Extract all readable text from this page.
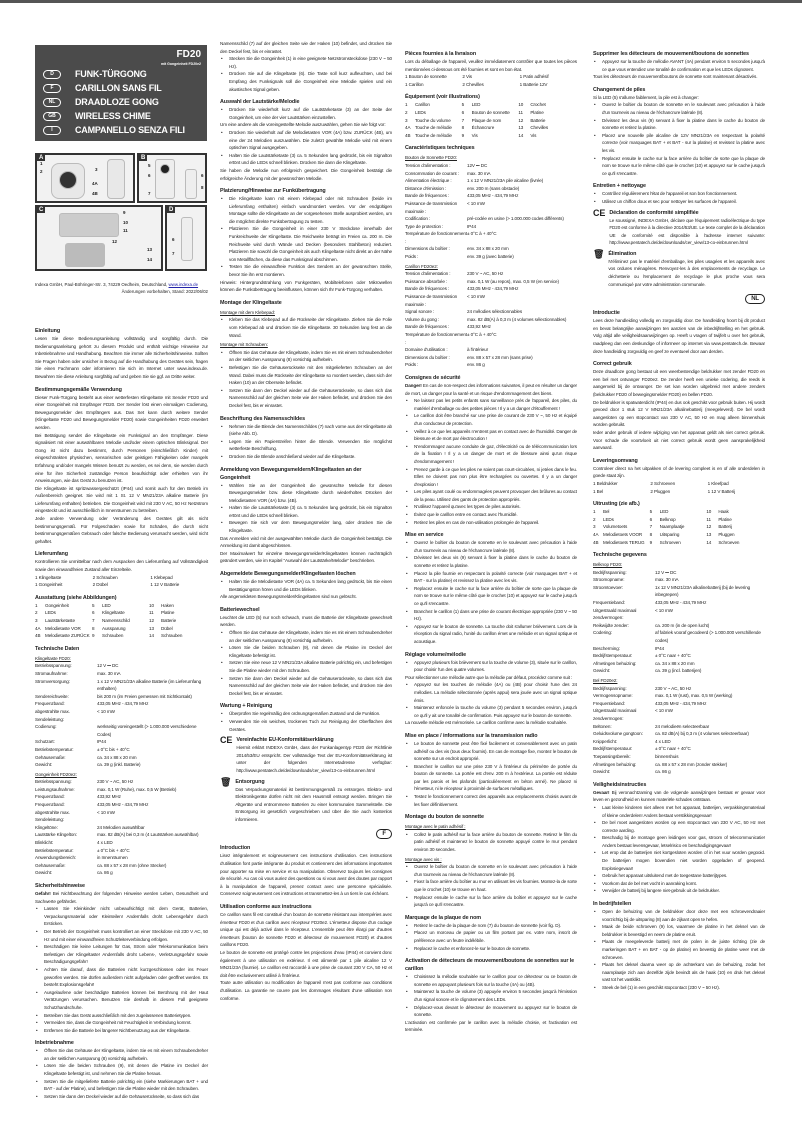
FD20
mit Gongeinheit FD20e2
D	FUNK-TÜRGONG
F	CARILLON SANS FIL
NL	DRAADLOZE GONG
GB	WIRELESS CHIME
I	CAMPANELLO SENZA FILI
A
1
2	3
4A
4B
B
5
6	6
7
8
C	9
10
11
12
13
14
D
6
7
Indexa GmbH, Paul-Böhringer-Str. 3, 74229 Oedheim, Deutschland, www.indexa.de
Änderungen vorbehalten, Stand: 2022/06/02
Einleitung
Lesen Sie diese Bedienungsanleitung vollständig und sorgfältig durch. Die Bedienungsanleitung gehört zu diesem Produkt und enthält wichtige Hinweise zur Inbetriebnahme und Handhabung. Beachten Sie immer alle Sicherheitshinweise. Sollten Sie Fragen haben oder unsicher in Bezug auf die Handhabung des Gerätes sein, fragen Sie einen Fachmann oder informieren Sie sich im Internet unter www.indexa.de. Bewahren Sie diese Anleitung sorgfältig auf und geben Sie sie ggf. an Dritte weiter.
Bestimmungsgemäße Verwendung
Dieser Funk-Türgong besteht aus einer wetterfesten Klingeltaste mit Sender FD20 und einer Gongeinheit mit Empfänger FD20. Der Sender löst einen einmaligen Codierung, Bewegungsmelder des Empfängers aus. Das Set kann durch weitere Sender (Klingeltaste FD20 und Bewegungsmelder FD20) sowie Gongeinheiten FD20 erweitert werden.
Bei Betätigung sendet die Klingeltaste ein Funksignal an den Empfänger. Diese signalisiert mit einer auswählbaren Melodie und/oder einem optischen Blinksignal. Der Gong ist nicht dazu bestimmt, durch Personen (einschließlich Kinder) mit eingeschränkten physischen, sensorischen oder geistigen Fähigkeiten oder mangels Erfahrung und/oder mangels Wissen benutzt zu werden, es sei denn, sie werden durch eine für ihre Sicherheit zuständige Person beaufsichtigt oder erhielten von ihr Anweisungen, wie das Gerät zu benutzen ist.
Die Klingeltaste ist spritzwassergeschützt (IP44) und somit auch für den Betrieb im Außenbereich geeignet. Sie wird mit 1 St. 12 V MN21/23A alkaline Batterie (im Lieferumfang enthalten) betrieben. Die Gongeinheit wird mit 230 V AC, 50 Hz Netzstrom eingesteckt und ist ausschließlich in Innenräumen zu betreiben.
Jede andere Verwendung oder Veränderung des Gerätes gilt als nicht bestimmungsgemäß. Für Folgeschäden sowie für Schäden, die durch nicht bestimmungsgemäßen Gebrauch oder falsche Bedienung verursacht werden, wird nicht gehaftet.
Lieferumfang
Kontrollieren Sie unmittelbar nach dem Auspacken den Lieferumfang auf Vollständigkeit sowie den einwandfreien Zustand aller Einzelteile.
1 Klingeltaste	2 Schrauben	1 Klebepad
1 Gongeinheit	2 Dübel	1 12 V Batterie
Ausstattung (siehe Abbildungen)
1	Gongeinheit	5	LED	10	Haken
2	LEDs	6	Klingeltaste	11	Platine
3	Lautstärketaste	7	Namensschild	12	Batterie
4A Melodietaste VOR	8	Aussparung	13	Dübel
4B Melodietaste ZURÜCK 9	Schrauben	14	Schrauben
Technische Daten
Klingeltaste FD20:
Betriebsspannung:	12 V ⎓ DC
Stromaufnahme:	max. 30 mA
Stromversorgung:	1 x 12 V MN21/23A alkaline Batterie (im Lieferumfang enthalten)
Sendereichweite:	bis 200 m (im Freien gemessen mit Sichtkontakt)
Frequenzband:	433,05 MHz - 434,79 MHz
abgestrahlte max. Sendeleistung:
< 10 mW
Codierung:	werkseitig voreingestellt (> 1.000.000 verschiedene Codes)
Schutzart:	IP44
Betriebstemperatur:	± 0°C bis + 40°C
Gehäusemaße:	ca. 34 x 88 x 20 mm
Gewicht:	ca. 39 g (inkl. Batterie)
Gongeinheit FD20e2:
Betriebsspannung:	230 V ~ AC, 50 Hz
Leistungsaufnahme:	max. 0,1 W (Ruhe), max. 0,5 W (Betrieb)
Frequenzband:	433,92 MHz
Frequenzband:	433,05 MHz - 434,79 MHz
abgestrahlte max. Sendeleistung:
< 10 mW
Klingeltöne:	24 Melodien auswählbar
Lautstärke Klingelton:	max. 82 dB(A) bei 0,3 m (4 Lautstärken auswählbar)
Blinklicht:	4 x LED
Betriebstemperatur:	± 0°C bis + 40°C
Anwendungsbereich:	in Innenräumen
Gehäusemaße:	ca. 88 x 57 x 28 mm (ohne Stecker)
Gewicht:	ca. 86 g
Sicherheitshinweise
Gefahr! Bei Nichtbeachtung der folgenden Hinweise werden Leben, Gesundheit und Sachwerte gefährdet.
• Lassen Sie Kleinkinder nicht unbeaufsichtigt mit dem Gerät, Batterien, Verpackungsmaterial oder Kleinteilen! Andernfalls droht Lebensgefahr durch Ersticken.
• Der Betrieb der Gongeinheit muss kontrolliert an einer Steckdose mit 230 V AC, 50 Hz und mit einer einwandfreien Schutzleiterverbindung erfolgen.
• Beschädigen Sie keine Leitungen für Gas, Strom oder Telekommunikation beim Befestigen der Klingeltaste! Andernfalls droht Lebens-, Verletzungsgefahr sowie Beschädigungsgefahr!
• Achten Sie darauf, dass die Batterien nicht kurzgeschlossen oder ins Feuer geworfen werden. Sie dürfen außerdem nicht aufgeladen oder geöffnet werden. Es besteht Explosionsgefahr!
• Ausgelaufene oder beschädigte Batterien können bei Berührung mit der Haut Verätzungen verursachen. Benutzen Sie deshalb in diesem Fall geeignete Schutzhandschuhe.
• Betreiben Sie das Gerät ausschließlich mit den zugelassenen Batterietypen.
• Vermeiden Sie, dass die Gongeinheit mit Feuchtigkeit in Verbindung kommt.
• Entfernen Sie die Batterie bei längerer Nichtbenutzung aus der Klingeltaste.
Inbetriebnahme
• Öffnen Sie das Gehäuse der Klingeltaste, indem Sie es mit einem Schraubendreher an der seitlichen Aussparung (8) vorsichtig aufhebeln.
• Lösen Sie die beiden Schrauben (9), mit denen die Platine im Deckel der Klingeltaste befestigt ist, und nehmen Sie die Platine heraus.
• Setzen Sie die mitgelieferte Batterie polrichtig ein (siehe Markierungen BAT + und BAT - auf der Platine), und befestigen Sie die Platine wieder mit den Schrauben.
• Setzen Sie dann den Deckel wieder auf die Gehäuserückseite, so dass sich das
Namensschild (7) auf der gleichen Seite wie der Haken (10) befindet, und drücken Sie den Deckel fest, bis er einrastet.
• Stecken Sie die Gongeinheit (1) in eine geeignete Netzstromsteckdose (230 V ~ 50 Hz).
• Drücken Sie auf die Klingeltaste (6). Die Taste soll kurz aufleuchten, und bei Empfang des Funksignals soll die Gongeinheit eine Melodie spielen und ein akustisches Signal geben.
Auswahl der Lautstärke/Melodie
• Drücken Sie wiederholt kurz auf die Lautstärketaste (3) an der Seite der Gongeinheit, um eine der vier Lautstärken einzustellen.
Um eine andere als die voreingestellte Melodie auszuwählen, gehen Sie wie folgt vor:
• Drücken Sie wiederholt auf die Melodietasten VOR (4A) bzw. ZURÜCK (4B), um eine der 24 Melodien auszuwählen. Die zuletzt gewählte Melodie wird mit einem optischen Signal ausgegeben.
• Halten Sie die Lautstärketaste (3) ca. 5 Sekunden lang gedrückt, bis ein Signalton ertönt und die LEDs schnell blinken. Drücken Sie dann die Klingeltaste.
Sie haben die Melodie nun erfolgreich gespeichert. Die Gongeinheit bestätigt die erfolgreiche Änderung mit der gewünschten Melodie.
Platzierung/Hinweise zur Funkübertragung
• Die Klingeltaste kann mit einem Klebepad oder mit Schrauben (beide im Lieferumfang enthalten) einfach wandmontiert werden. Vor der endgültigen Montage sollte die Klingeltaste an der vorgesehenen Stelle ausprobiert werden, um die möglichst direkte Funkübertragung zu testen.
• Platzieren Sie die Gongeinheit in einer 230 V Steckdose innerhalb der Funkreichweite der Klingeltaste. Die Reichweite beträgt im Freien ca. 200 m. Die Reichweite wird durch Wände und Decken (besonders Stahlbeton) reduziert. Platzieren Sie sowohl die Gongeinheit als auch Klingeltaste nicht direkt an der Nähe von Metallflächen, da diese das Funksignal abschirmen.
• Testen Sie die einwandfreie Funktion des Senders an der gewünschten Stelle, bevor Sie ihn erst montieren.
Hinweis: Hintergrundstrahlung von Funkgeräten, Mobiltelefonen oder Mikrowellen können die Funkübertragung beeinflussen, können sich Ihr Funk-Türgong verhalten.
Montage der Klingeltaste
Montage mit dem Klebepad:
• Kleben Sie das Klebepad auf die Rückseite der Klingeltaste. Ziehen Sie die Folie vom Klebepad ab und drücken Sie die Klingeltaste. 30 Sekunden lang fest an die Wand.
Montage mit Schrauben:
• Öffnen Sie das Gehäuse der Klingeltaste, indem Sie es mit einem Schraubendreher an der seitlichen Aussparung (8) vorsichtig aufhebeln.
• Befestigen Sie die Gehäuserückseite mit den mitgelieferten Schrauben an der Wand. Dabei muss die Rückseite der Klingeltaste so montiert werden, dass sich der Haken (10) an der Oberseite befindet.
• Setzen Sie dann den Deckel wieder auf die Gehäuserückseite, so dass sich das Namensschild auf der gleichen Seite wie der Haken befindet, und drücken Sie den Deckel fest, bis er einrastet.
Beschriftung des Namensschildes
• Nehmen Sie die Blende des Namensschildes (7) nach vorne aus der Klingeltaste ab (siehe Abb. D).
• Legen Sie ein Papierstreifen hinter die Blende. Verwenden Sie möglichst wetterfeste Beschriftung.
• Drücken Sie die Blende anschließend wieder auf die Klingeltaste.
Anmeldung von Bewegungsmeldern/Klingeltasten an der Gongeinheit
• Wählen Sie an der Gongeinheit die gewünschte Melodie für diesen Bewegungsmelder bzw. diese Klingeltaste durch wiederholtes Drücken der Melodietasten VOR (4A) bzw. (4B).
• Halten Sie die Lautstärketaste (3) ca. 5 Sekunden lang gedrückt, bis ein Signalton ertönt und die LEDs schnell blinken.
• Bewegen Sie sich vor dem Bewegungsmelder lang, oder drücken Sie die Klingeltaste.
Das Anmelden wird mit der ausgewählten Melodie durch die Gongeinheit bestätigt. Die Anmeldung ist damit abgeschlossen.
Der Maximalwert für einzelne Bewegungsmelder/Klingeltasten können nachträglich geändert werden, wie im Kapitel "Auswahl der Lautstärke/Melodie" beschrieben.
Abgemeldete Bewegungsmelder/Klingeltasten löschen
• Halten Sie die Melodietaste VOR (4A) ca. 5 Sekunden lang gedrückt, bis Sie einen Bestätigungston hören und die LEDs blinken.
Alle angemeldeten Bewegungsmelder/Klingeltasten sind nun gelöscht.
Batteriewechsel
Leuchtet die LED (5) nur noch schwach, muss die Batterie der Klingeltaste gewechselt werden.
• Öffnen Sie das Gehäuse der Klingeltaste, indem Sie es mit einem Schraubendreher an der seitlichen Aussparung (8) vorsichtig aufhebeln.
• Lösen Sie die beiden Schrauben (9), mit denen die Platine im Deckel der Klingeltaste befestigt ist.
• Setzen Sie eine neue 12 V MN21/23A alkaline Batterie polrichtig ein, und befestigen Sie die Platine wieder mit den Schrauben.
• Setzen Sie dann den Deckel wieder auf die Gehäuserückseite, so dass sich das Namensschild auf der gleichen Seite wie der Haken befindet, und drücken Sie den Deckel fest, bis er einrastet.
Wartung + Reinigung
• Überprüfen Sie regelmäßig den ordnungsgemäßen Zustand und die Funktion.
• Verwenden Sie ein weiches, trockenes Tuch zur Reinigung der Oberflächen des Gerätes.
CE Vereinfachte EU-Konformitätserklärung
Hiermit erklärt INDEXA GmbH, dass der Funkanlagentyp FD20 der Richtlinie 2014/53/EU entspricht. Der vollständige Text der EU-Konformitätserklärung ist unter der folgenden Internetadresse verfügbar: http://www.pentatech.de/de/downloads/cer_view/13-co-einbrunnen.html
🗑 Entsorgung
Das Verpackungsmaterial ist bestimmungsgemäß zu entsorgen. Elektro- und Elektronikgeräte dürfen nicht mit dem Hausmüll entsorgt werden. Bringen Sie Altgeräte und entnommene Batterien zu einer kommunalen Sammelstelle. Die Entsorgung ist gesetzlich vorgeschrieben und über die Sie auch kostenlos informieren.
F
Introduction
Lisez intégralement et soigneusement ces instructions d'utilisation. Ces instructions d'utilisation font partie intégrante du produit et contiennent des informations importantes pour apporter sa mise en service et sa manipulation. Observez toujours les consignes de sécurité. Au cas où vous auriez des questions ou si vous avez des doutes par rapport à la manipulation de l'appareil, prenez contact avec une personne spécialisée. Conservez soigneusement ces instructions et transmettez-les à un tiers le cas échéant.
Utilisation conforme aux instructions
Ce carillon sans fil est constitué d'un bouton de sonnette résistant aux intempéries avec émetteur FD20 et d'un carillon avec récepteur FD20e2. L'émetteur dispose d'un codage unique qui est déjà activé dans le récepteur. L'ensemble peut être élargi par d'autres émetteurs (bouton de sonnette FD20 et détecteur de mouvement FD20) et d'autres carillons FD20.
Le bouton de sonnette est protégé contre les projections d'eau (IP44) et convient donc également à une utilisation en extérieur. Il est alimenté par 1 pile alcaline 12 V MN21/23A (fournie). Le carillon est raccordé à une prise de courant 230 V CA, 50 Hz et doit être exclusivement utilisé à l'intérieur.
Toute autre utilisation ou modification de l'appareil n'est pas conforme aux conditions d'utilisation. La garantie ne couvre pas les dommages résultant d'une utilisation non conforme.
Pièces fournies à la livraison
Lors du déballage de l'appareil, veuillez immédiatement contrôler que toutes les pièces mentionnées ci-dessous ont été fournies et sont en bon état.
1 Bouton de sonnette	2 Vis	1 Patin adhésif
1 Carillon	2 Chevilles	1 Batterie 12V
Équipement (voir illustrations)
1	Carillon	5	LED	10	Crochet
2	LEDs	6	Bouton de sonnette	11	Platine
3	Touche du volume	7	Plaque de nom	12	Batterie
4A Touche de mélodie	8	Échancrure	13	Chevilles
4B Touche de mélodie	9	Vis	14	Vis
Caractéristiques techniques
Bouton de Sonnette FD20:
Tension d'alimentation :	12V ⎓ DC
Consommation de courant :	max. 30 mA
Alimentation électrique :	1 x 12 V MN21/23A pile alcaline (livrée)
Distance d'émission :	env. 200 m (sans obstacle)
Bande de fréquences :	433,05 MHz - 434,79 MHz
Puissance de transmission maximale :
< 10 mW
Codification :	pré-codée en usine (> 1.000.000 codes différents)
Type de protection :	IP44
Température de fonctionnement :
± 0°C à + 40°C
Dimensions du boîtier :	env. 34 x 88 x 20 mm
Poids :	env. 39 g (avec batterie)
Carillon FD20e2:
Tension d'alimentation :	230 V ~ AC, 50 Hz
Puissance absorbée :	max. 0,1 W (au repos), max. 0,5 W (en service)
Bande de fréquences :	433,05 MHz - 434,79 MHz
Puissance de transmission maximale :
< 10 mW
Signal sonore :	24 mélodies sélectionnables
Volume du gong :	max. 82 dB(A) à 0,3 m (4 volumes sélectionnables)
Bande de fréquences :	433,92 MHz
Température de fonctionnement :
± 0°C à + 40°C
Domaine d'utilisation :	à l'intérieur
Dimensions du boîtier :	env. 88 x 57 x 28 mm (sans prise)
Poids :	env. 86 g
Consignes de sécurité
Danger! En cas de non-respect des informations suivantes, il peut en résulter un danger de mort, un danger pour la santé et un risque d'endommagement des biens.
• Ne laissez pas les petits enfants sans surveillance près de l'appareil, des piles, du matériel d'emballage ou des petites pièces ! Il y a un danger d'étouffement !
• Le carillon doit être branché sur une prise de courant de 230 V ~, 50 Hz et équipé d'un conducteur de protection.
• Veillez à ce que les appareils n'entrent pas en contact avec de l'humidité. Danger de blessure et de mort par électrocution !
• N'endommagez aucune conduite de gaz, d'électricité ou de télécommunication lors de la fixation ! Il y a un danger de mort et de blessure ainsi qu'un risque d'endommagement !
• Prenez garde à ce que les piles ne soient pas court-circuitées, ni jetées dans le feu. Elles ne doivent pas non plus être rechargées ou ouvertes. Il y a un danger d'explosion !
• Les piles ayant coulé ou endommagées peuvent provoquer des brûlures au contact de la peau. Utilisez des gants de protection appropriés.
• N'utilisez l'appareil qu'avec les types de piles autorisés.
• Évitez que le carillon entre en contact avec l'humidité.
• Retirez les piles en cas de non-utilisation prolongée de l'appareil.
Mise en service
• Ouvrez le boîtier du bouton de sonnette en le soulevant avec précaution à l'aide d'un tournevis au niveau de l'échancrure latérale (8).
• Dévissez les deux vis (9) servant à fixer la platine dans le cache du bouton de sonnette et retirez la platine.
• Placez la pile fournie en respectant la polarité correcte (voir marquages BAT + et BAT - sur la platine) et revissez la platine avec les vis.
• Replacez ensuite le cache sur la face arrière du boîtier de sorte que la plaque de nom se trouve sur le même côté que le crochet (10) et appuyez sur le cache jusqu'à ce qu'il s'encastre.
• Branchez le carillon (1) dans une prise de courant électrique appropriée (230 V ~ 50 Hz).
• Appuyez sur le bouton de sonnette. La touche doit s'allumer brièvement. Lors de la réception du signal radio, l'unité du carillon émet une mélodie et un signal optique et acoustique.
Réglage volume/mélodie
• Appuyez plusieurs fois brièvement sur la touche de volume (3), située sur le carillon, pour choisir l'un des quatre volumes.
Pour sélectionner une mélodie autre que la mélodie par défaut, procédez comme suit :
• Appuyez sur les touches de mélodie (4A) ou (4B) pour choisir l'une des 24 mélodies. La mélodie sélectionnée (après appui) sera jouée avec un signal optique émis.
• Maintenez enfoncée la touche du volume (3) pendant 5 secondes environ, jusqu'à ce qu'il y ait une tonalité de confirmation. Puis appuyez sur le bouton de sonnette.
La nouvelle mélodie est mémorisée. Le carillon confirme avec la mélodie souhaitée.
Mise en place / informations sur la transmission radio
• Le bouton de sonnette peut être fixé facilement et convenablement avec un patin adhésif ou des vis (tous deux fournis). En cas de montage fixe, montez le bouton de sonnette sur un endroit approprié.
• Branchez le carillon sur une prise 230 V à l'intérieur du périmètre de portée du bouton de sonnette. La portée est d'env. 200 m à l'extérieur. La portée est réduite par les parois et les plafonds (particulièrement en béton armé). Ne placez ni l'émetteur, ni le récepteur à proximité de surfaces métalliques.
• Testez le fonctionnement correct des appareils aux emplacements choisis avant de les fixer définitivement.
Montage du bouton de sonnette
Montage avec le patin adhésif :
• Collez le patin adhésif sur la face arrière du bouton de sonnette. Retirez le film du patin adhésif et maintenez le bouton de sonnette appuyé contre le mur pendant environ 30 secondes.
Montage avec vis :
• Ouvrez le boîtier du bouton de sonnette en le soulevant avec précaution à l'aide d'un tournevis au niveau de l'échancrure latérale (8).
• Fixez la face arrière du boîtier au mur en utilisant les vis fournies. Montez-la de sorte que le crochet (10) se trouve en haut.
• Replacez ensuite le cache sur la face arrière du boîtier et appuyez sur le cache jusqu'à ce qu'il s'encastre.
Marquage de la plaque de nom
• Retirez le cache de la plaque de nom (7) du bouton de sonnette (voir fig. D).
• Placez un morceau de papier ou un film portant par ex. votre nom, inscrit de préférence avec un feutre indélébile.
• Replacez le cache et enfoncez-le sur le bouton de sonnette.
Activation de détecteurs de mouvement/boutons de sonnettes sur le carillon
• Choisissez la mélodie souhaitée sur le carillon pour ce détecteur ou ce bouton de sonnette en appuyant plusieurs fois sur la touche (4A) ou (4B).
• Maintenez la touche de volume (3) appuyée environ 5 secondes jusqu'à l'émission d'un signal sonore et le clignotement des LEDs.
• Déplacez-vous devant le détecteur de mouvement ou appuyez sur le bouton de sonnette.
L'activation est confirmée par le carillon avec la mélodie choisie, et l'activation est terminée.
Supprimer les détecteurs de mouvement/boutons de sonnettes
• Appuyez sur la touche de mélodie AVANT (4A) pendant environ 5 secondes jusqu'à ce que vous entendiez une tonalité de confirmation et que les LEDs clignotent.
Tous les détecteurs de mouvement/boutons de sonnette sont maintenant désactivés.
Changement de piles
Si la LED (5) s'allume faiblement, la pile est à changer:
• Ouvrez le boîtier du bouton de sonnette en le soulevant avec précaution à l'aide d'un tournevis au niveau de l'échancrure latérale (8).
• Dévissez les deux vis (9) servant à fixer la platine dans le cache du bouton de sonnette et retirez la platine.
• Placez une nouvelle pile alcaline de 12V MN21/23A en respectant la polarité correcte (voir marquages BAT + et BAT - sur la platine) et revissez la platine avec les vis.
• Replacez ensuite le cache sur la face arrière du boîtier de sorte que la plaque de nom se trouve sur le même côté que le crochet (10) et appuyez sur le cache jusqu'à ce qu'il s'encastre.
Entretien + nettoyage
• Contrôlez régulièrement l'état de l'appareil et son bon fonctionnement.
• Utilisez un chiffon doux et sec pour nettoyer les surfaces de l'appareil.
CE Déclaration de conformité simplifiée
Le soussigné, INDEXA GmbH, déclare que l'équipement radioélectrique du type FD20 est conforme à la directive 2014/53/UE. Le texte complet de la déclaration UE de conformité est disponible à l'adresse internet suivante: http://www.pentatech.de/de/downloads/cer_view/13-co-einbrunnen.html
🗑 Élimination
N'éliminez pas le matériel d'emballage, les piles usagées et les appareils avec vos ordures ménagères. Renvoyez-les à des emplacements de recyclage. Le déchetterie ou l'emplacement de recyclage le plus proche vous sera communiqué par votre administration communale.
NL
Introductie
Lees deze handleiding volledig en zorgvuldig door. De handleiding hoort bij dit product en bevat belangrijke aanwijzingen ten aanzien van de inbedrijfstelling en het gebruik. Volg altijd alle veiligheidsaanwijzingen op. Heeft u vragen of twijfelt u over het gebruik, raadpleeg dan een deskundige of informeer op internet via www.pentatech.de. Bewaar deze handleiding zorgvuldig en geef ze eventueel door aan derden.
Correct gebruik
Deze draadloze gong bestaat uit een weerbestendige beldrukker met zender FD20 en een bel met ontvanger FD20e2. De zender heeft een unieke codering, die reeds is aangemeld bij de ontvanger. De set kan worden uitgebreid met andere zenders (beldrukker FD20 of bewegingsmelder FD20) en bellen FD20.
De beldrukker is spatwaterdicht (IP44) en dus ook geschikt voor gebruik buiten. Hij wordt gevoed door 1 stuk 12 V MN21/23A alkalinebatterij (meegeleverd). De bel wordt aangesloten op een stopcontact van 230 V AC, 50 Hz en mag alleen binnenshuis worden gebruikt.
Ieder ander gebruik of iedere wijziging van het apparaat geldt als niet correct gebruik. Voor schade die voortvloeit uit niet correct gebruik wordt geen aansprakelijkheid aanvaard.
Leveringsomvang
Controleer direct na het uitpakken of de levering compleet is en of alle onderdelen in goede staat zijn.
1 Beldrukker	2 Schroeven	1 Kleefpad
1 Bel	2 Pluggen	1 12 V Batterij
Uitrusting (zie afb.)
1	Bel	5	LED	10	Haak
2	LEDs	6	Belknop	11	Platine
3	Volumetoets	7	Naamplaatje	12	Batterij
4A Melodietoets VOOR	8	Uitsparing	13	Pluggen
4B Melodietoets TERUG	9	Schroeven	14	Schroeven
Technische gegevens
Belknop FD20:
Bedrijfsspanning:	12 V ⎓ DC
Stroomopname:	max. 30 mA
Stroomtoevoer:	1x 12 V MN21/23A alkalinebatterij (bij de levering inbegrepen)
Frequentieband:	433,05 MHz - 434,79 MHz
Uitgestraald maximaal zendvermogen:
< 10 mW
Reikwijdte zender:	ca. 200 m (in de open lucht)
Codering:	af fabriek vooraf gecodeerd (> 1.000.000 verschillende codes)
Bescherming:	IP44
Bedrijfstemperatuur:	± 0°C naar + 40°C
Afmetingen behuizing:	ca. 34 x 88 x 20 mm
Gewicht:	ca. 39 g (incl. batterijen)
Bel FD20e2:
Bedrijfsspanning:	230 V ~ AC, 50 Hz
Vermogensopname:	max. 0,1 W (rust), max. 0,5 W (werking)
Frequentieband:	433,05 MHz - 434,79 MHz
Uitgestraald maximaal zendvermogen:
< 10 mW
Beltonen:	24 melodieën selecteerbaar
Geluidsvolume gongtoon:	ca. 82 dB(A) bij 0,3 m (4 volumes selecteerbaar)
Knipperlicht:	4 x LED
Bedrijfstemperatuur:	± 0°C naar + 40°C
Toepassingsbereik:	binnenshuis
Afmetingen behuizing:	ca. 88 x 57 x 28 mm (zonder stekker)
Gewicht:	ca. 86 g
Veiligheidsinstructies
Gevaar! Bij veronachtzaming van de volgende aanwijzingen bestaat er gevaar voor leven en gezondheid en kunnen materiële schades ontstaan.
• Laat kleine kinderen niet alleen met het apparaat, batterijen, verpakkingsmateriaal of kleine onderdelen! Anders bestaat verstikkingsgevaar!
• De bel moet aangesloten worden op een stopcontact van 230 V AC, 50 Hz met correcte aarding.
• Beschadig bij de montage geen leidingen voor gas, stroom of telecommunicatie! Anders bestaat levensgevaar, letselrisico en beschadigingsgevaar!
• Let erop dat de batterijen niet kortgesloten worden of in het vuur worden gegooid. De batterijen mogen bovendien niet worden opgeladen of geopend. Explosiegevaar!
• Gebruik het apparaat uitsluitend met de toegestane batterijtypes.
• Voorkom dat de bel met vocht in aanraking komt.
• Verwijder de batterij bij langere niet-gebruik uit de beldrukker.
In bedrijfstellen
• Open de behuizing van de beldrukker door deze met een schroevendraaier voorzichtig bij de uitsparing (8) aan de zijkant open te hefen.
• Maak de beide schroeven (9) los, waarmee de platine in het deksel van de beldrukker is bevestigd en neem de platine eruit.
• Plaats de meegeleverde batterij met de polen in de juiste richting (zie de markeringen BAT + en BAT - op de platine) en bevestig de platine weer met de schroeven.
• Plaats het deksel daarna weer op de achterkant van de behuizing, zodat het naamplaatje zich aan dezelfde zijde bevindt als de haak (10) en druk het deksel vast tot het vastklikt.
• Steek de bel (1) in een geschikt stopcontact (230 V ~ 50 Hz).
